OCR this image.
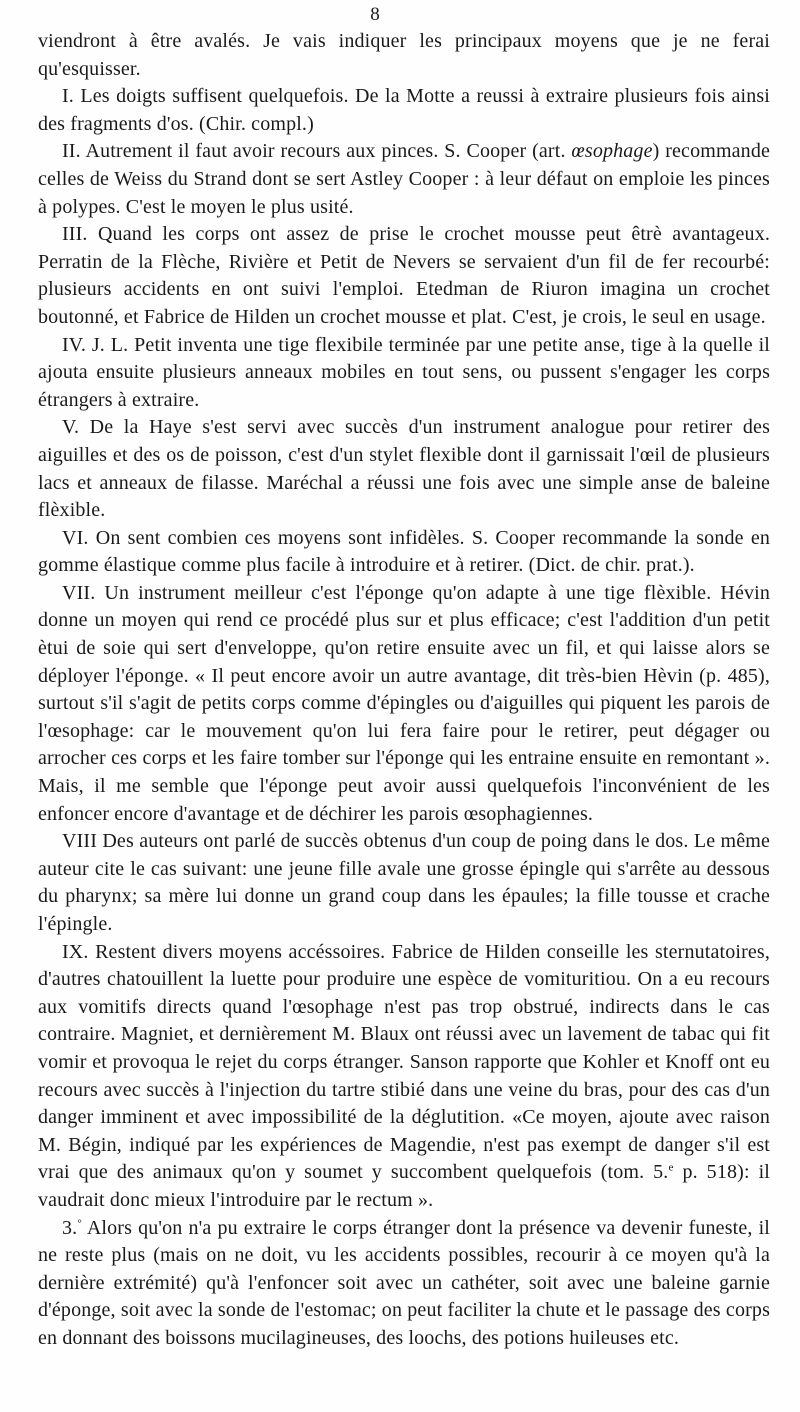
8

viendront à être avalés. Je vais indiquer les principaux moyens que je ne ferai qu'esquisser.

I. Les doigts suffisent quelquefois. De la Motte a reussi à extraire plusieurs fois ainsi des fragments d'os. (Chir. compl.)

II. Autrement il faut avoir recours aux pinces. S. Cooper (art. œsophage) recommande celles de Weiss du Strand dont se sert Astley Cooper : à leur défaut on emploie les pinces à polypes. C'est le moyen le plus usité.

III. Quand les corps ont assez de prise le crochet mousse peut êtrè avantageux. Perratin de la Flèche, Rivière et Petit de Nevers se servaient d'un fil de fer recourbé: plusieurs accidents en ont suivi l'emploi. Etedman de Riuron imagina un crochet boutonné, et Fabrice de Hilden un crochet mousse et plat. C'est, je crois, le seul en usage.

IV. J. L. Petit inventa une tige flexibile terminée par une petite anse, tige à la quelle il ajouta ensuite plusieurs anneaux mobiles en tout sens, ou pussent s'engager les corps étrangers à extraire.

V. De la Haye s'est servi avec succès d'un instrument analogue pour retirer des aiguilles et des os de poisson, c'est d'un stylet flexible dont il garnissait l'œil de plusieurs lacs et anneaux de filasse. Maréchal a réussi une fois avec une simple anse de baleine flèxible.

VI. On sent combien ces moyens sont infidèles. S. Cooper recommande la sonde en gomme élastique comme plus facile à introduire et à retirer. (Dict. de chir. prat.).

VII. Un instrument meilleur c'est l'éponge qu'on adapte à une tige flèxible. Hévin donne un moyen qui rend ce procédé plus sur et plus efficace; c'est l'addition d'un petit ètui de soie qui sert d'enveloppe, qu'on retire ensuite avec un fil, et qui laisse alors se déployer l'éponge. « Il peut encore avoir un autre avantage, dit très-bien Hèvin (p. 485), surtout s'il s'agit de petits corps comme d'épingles ou d'aiguilles qui piquent les parois de l'œsophage: car le mouvement qu'on lui fera faire pour le retirer, peut dégager ou arrocher ces corps et les faire tomber sur l'éponge qui les entraine ensuite en remontant ». Mais, il me semble que l'éponge peut avoir aussi quelquefois l'inconvénient de les enfoncer encore d'avantage et de déchirer les parois œsophagiennes.

VIII Des auteurs ont parlé de succès obtenus d'un coup de poing dans le dos. Le même auteur cite le cas suivant: une jeune fille avale une grosse épingle qui s'arrête au dessous du pharynx; sa mère lui donne un grand coup dans les épaules; la fille tousse et crache l'épingle.

IX. Restent divers moyens accéssoires. Fabrice de Hilden conseille les sternutatoires, d'autres chatouillent la luette pour produire une espèce de vomituritiou. On a eu recours aux vomitifs directs quand l'œsophage n'est pas trop obstrué, indirects dans le cas contraire. Magniet, et dernièrement M. Blaux ont réussi avec un lavement de tabac qui fit vomir et provoqua le rejet du corps étranger. Sanson rapporte que Kohler et Knoff ont eu recours avec succès à l'injection du tartre stibié dans une veine du bras, pour des cas d'un danger imminent et avec impossibilité de la déglutition. «Ce moyen, ajoute avec raison M. Bégin, indiqué par les expériences de Magendie, n'est pas exempt de danger s'il est vrai que des animaux qu'on y soumet y succombent quelquefois (tom. 5.$^e$ p. 518): il vaudrait donc mieux l'introduire par le rectum ».

3.° Alors qu'on n'a pu extraire le corps étranger dont la présence va devenir funeste, il ne reste plus (mais on ne doit, vu les accidents possibles, recourir à ce moyen qu'à la dernière extrémité) qu'à l'enfoncer soit avec un cathéter, soit avec une baleine garnie d'éponge, soit avec la sonde de l'estomac; on peut faciliter la chute et le passage des corps en donnant des boissons mucilagineuses, des loochs, des potions huileuses etc.
